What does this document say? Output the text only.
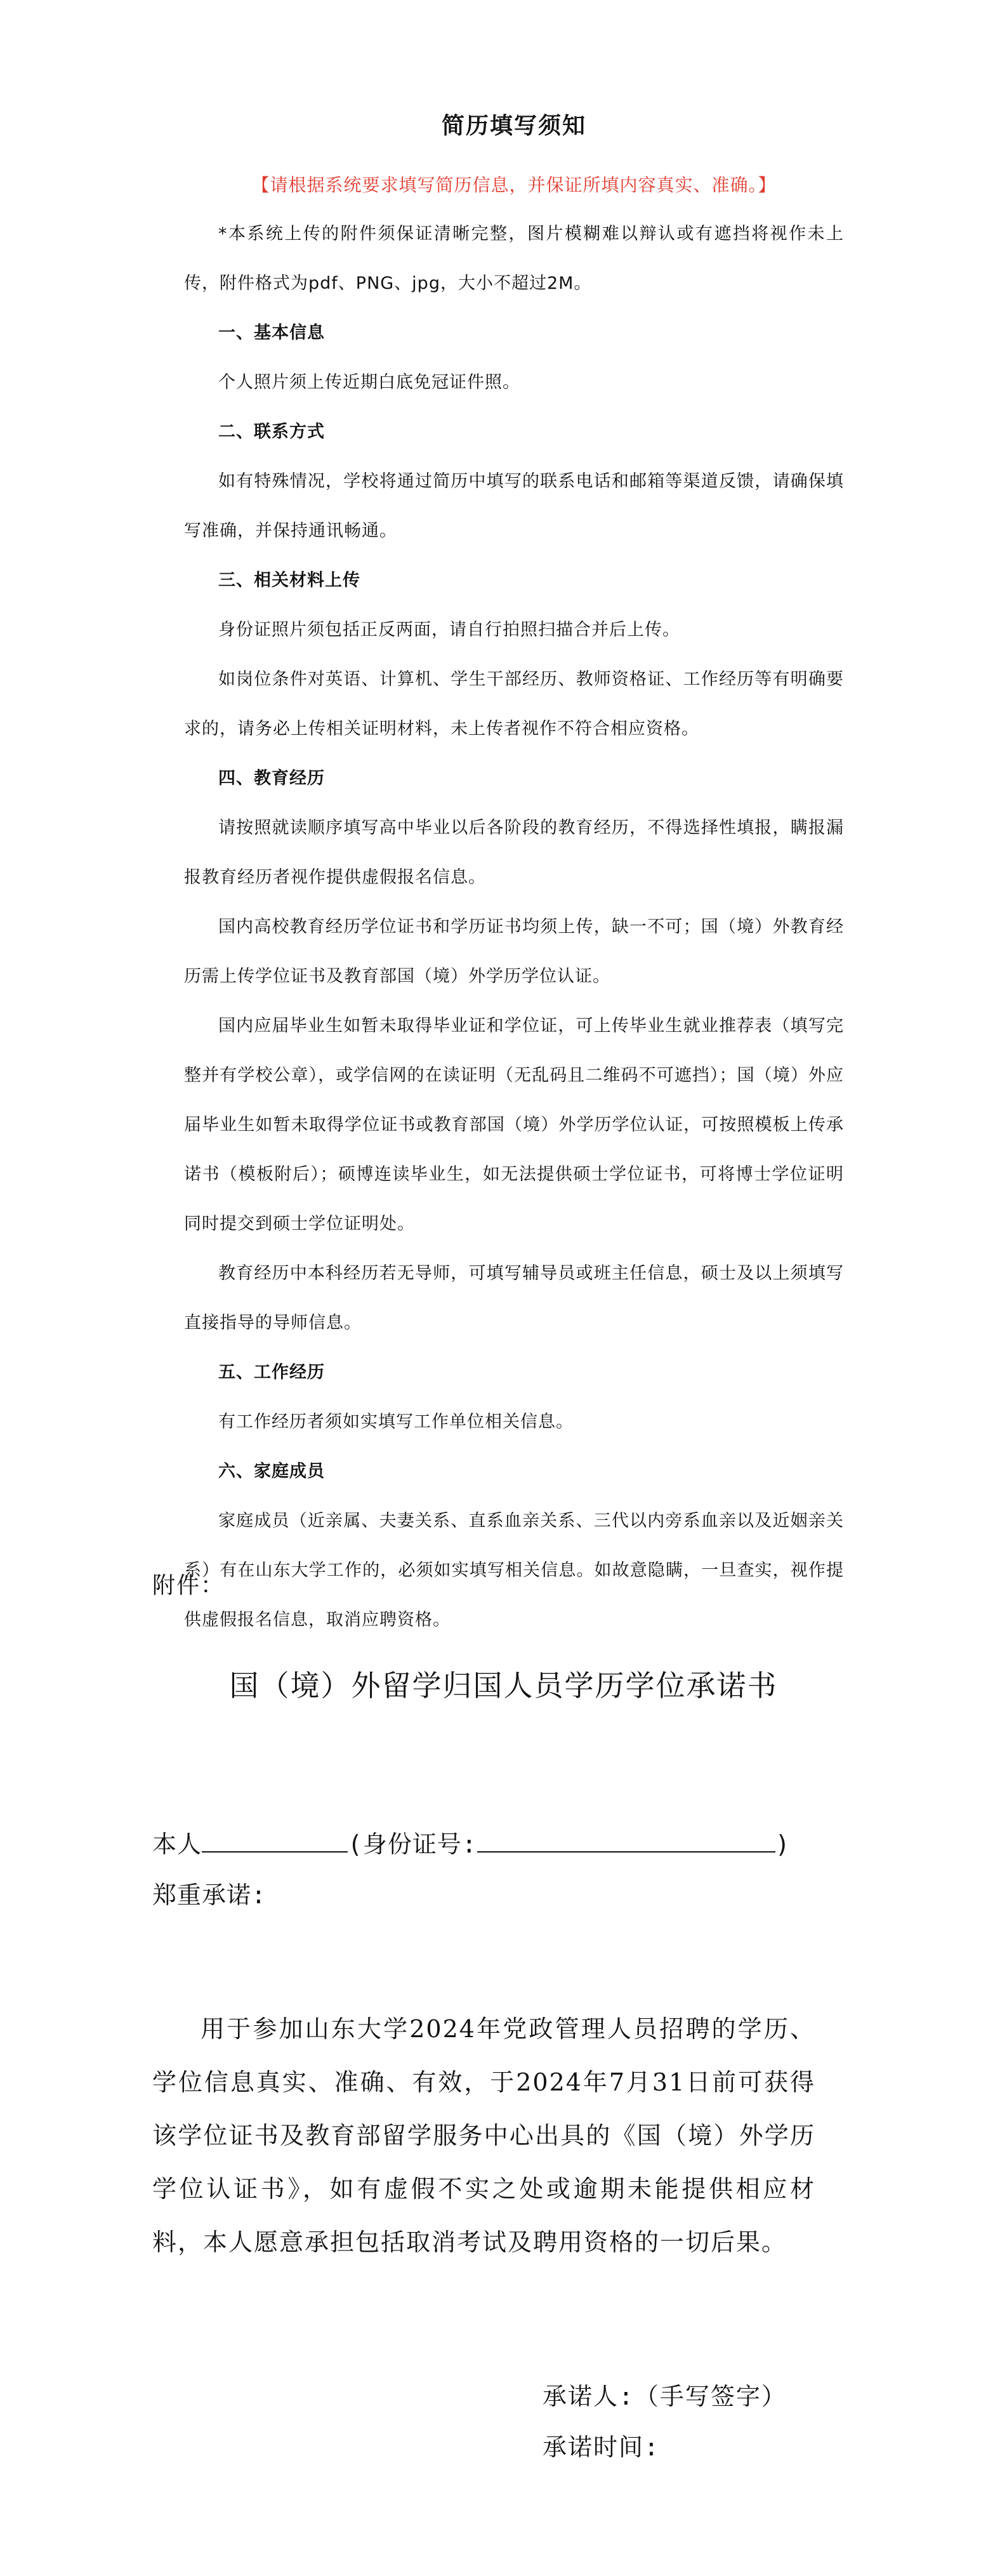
简历填写须知
【请根据系统要求填写简历信息，并保证所填内容真实、准确。】

*本系统上传的附件须保证清晰完整，图片模糊难以辩认或有遮挡将视作未上传，附件格式为pdf、PNG、jpg，大小不超过2M。

一、基本信息

个人照片须上传近期白底免冠证件照。

二、联系方式

如有特殊情况，学校将通过简历中填写的联系电话和邮箱等渠道反馈，请确保填写准确，并保持通讯畅通。

三、相关材料上传

身份证照片须包括正反两面，请自行拍照扫描合并后上传。

如岗位条件对英语、计算机、学生干部经历、教师资格证、工作经历等有明确要求的，请务必上传相关证明材料，未上传者视作不符合相应资格。

四、教育经历

请按照就读顺序填写高中毕业以后各阶段的教育经历，不得选择性填报，瞒报漏报教育经历者视作提供虚假报名信息。

国内高校教育经历学位证书和学历证书均须上传，缺一不可；国（境）外教育经历需上传学位证书及教育部国（境）外学历学位认证。

国内应届毕业生如暂未取得毕业证和学位证，可上传毕业生就业推荐表（填写完整并有学校公章），或学信网的在读证明（无乱码且二维码不可遮挡）；国（境）外应届毕业生如暂未取得学位证书或教育部国（境）外学历学位认证，可按照模板上传承诺书（模板附后）；硕博连读毕业生，如无法提供硕士学位证书，可将博士学位证明同时提交到硕士学位证明处。

教育经历中本科经历若无导师，可填写辅导员或班主任信息，硕士及以上须填写直接指导的导师信息。

五、工作经历

有工作经历者须如实填写工作单位相关信息。

六、家庭成员

家庭成员（近亲属、夫妻关系、直系血亲关系、三代以内旁系血亲以及近姻亲关系）有在山东大学工作的，必须如实填写相关信息。如故意隐瞒，一旦查实，视作提供虚假报名信息，取消应聘资格。

附件：
国（境）外留学归国人员学历学位承诺书
本人	(身份证号:	)
郑重承诺:

用于参加山东大学2024年党政管理人员招聘的学历、学位信息真实、准确、有效，于2024年7月31日前可获得该学位证书及教育部留学服务中心出具的《国（境）外学历学位认证书》，如有虚假不实之处或逾期未能提供相应材料，本人愿意承担包括取消考试及聘用资格的一切后果。

承诺人:（手写签字）
承诺时间:
